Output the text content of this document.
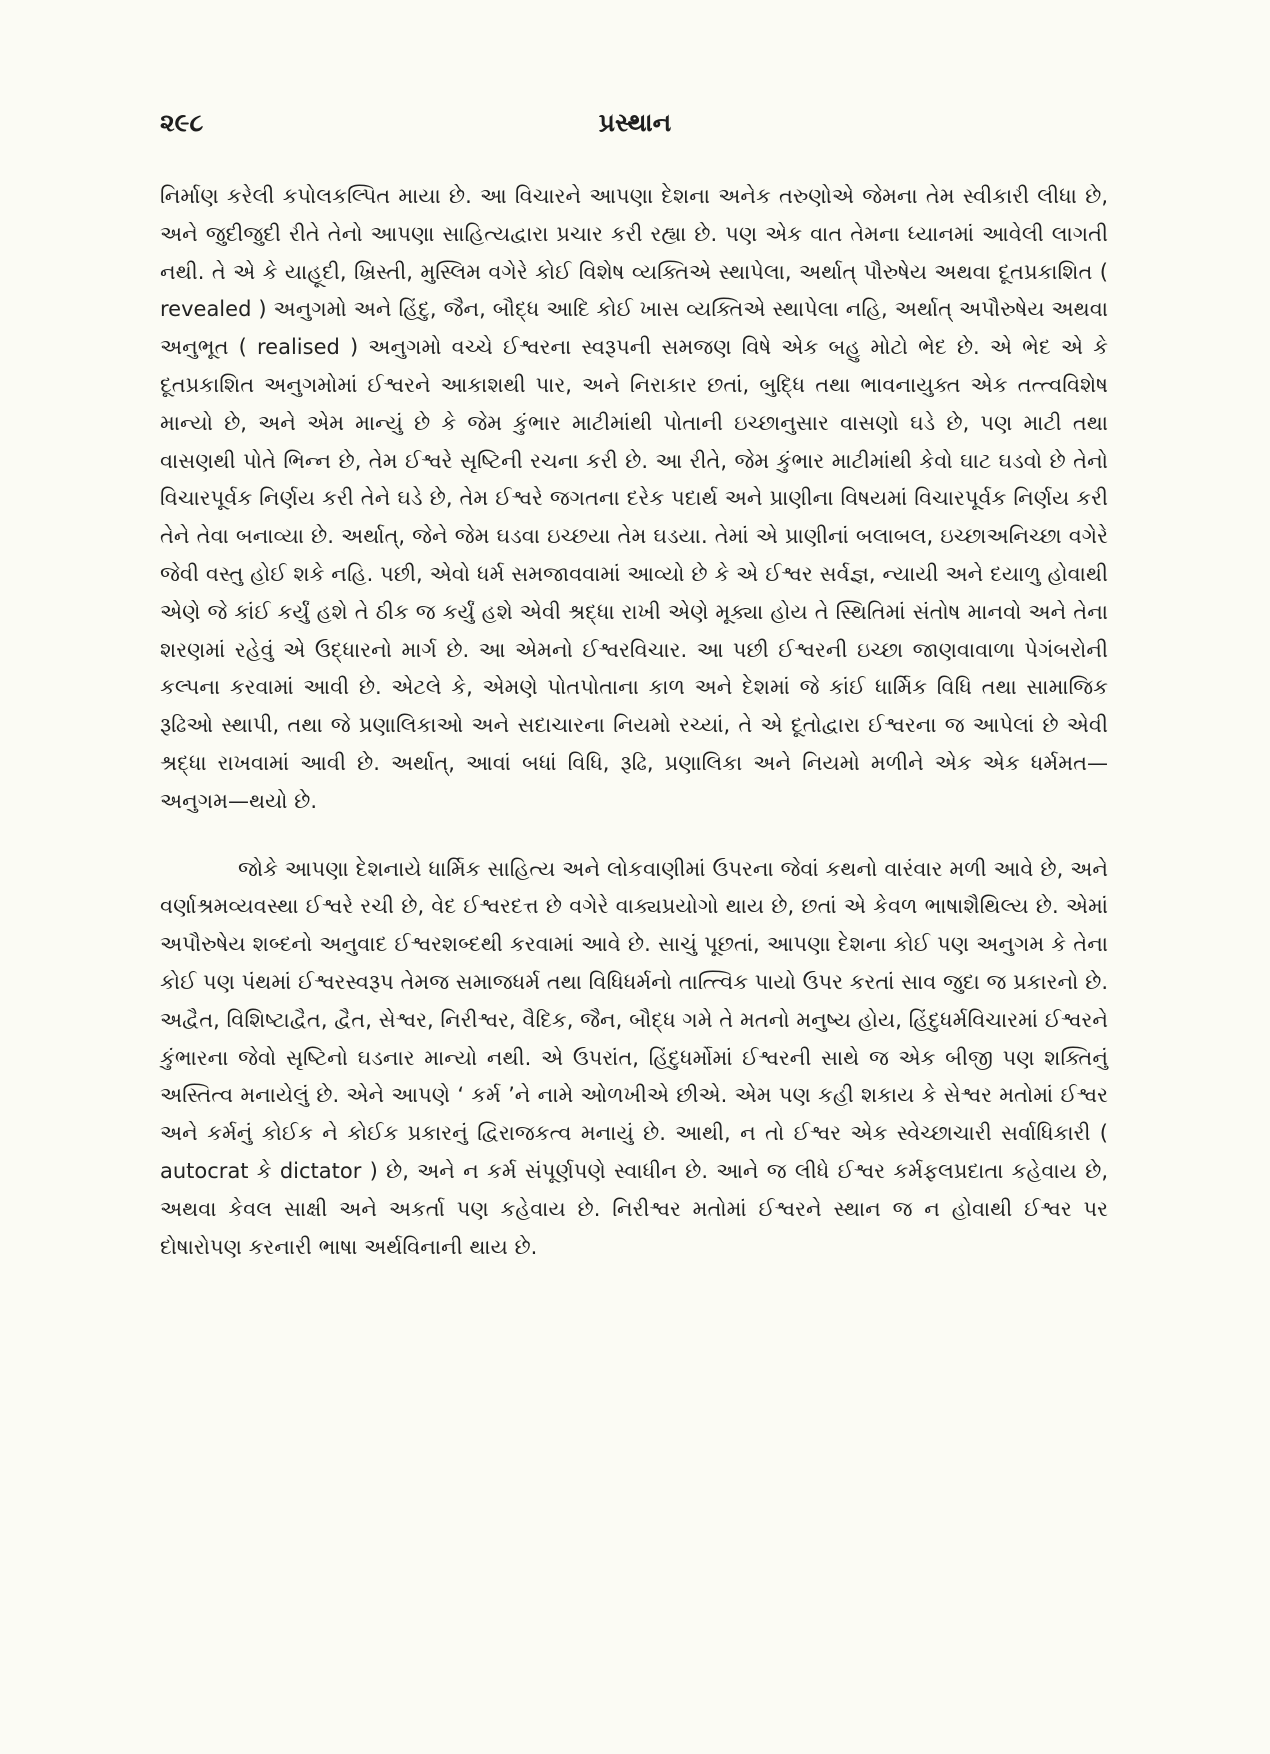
૨૯૮	પ્રસ્થાન

નિર્માણ કરેલી કપોલકલ્પિત માયા છે. આ વિચારને આપણા દેશના અનેક તરુણોએ જેમના તેમ સ્વીકારી લીધા છે, અને જુદીજુદી રીતે તેનો આપણા સાહિત્યદ્વારા પ્રચાર કરી રહ્યા છે. પણ એક વાત તેમના ધ્યાનમાં આવેલી લાગતી નથી. તે એ કે યાહૂદી, ખ્રિસ્તી, મુસ્લિમ વગેરે કોઈ વિશેષ વ્યક્તિએ સ્થાપેલા, અર્થાત્ પૌરુષેય અથવા દૂતપ્રકાશિત ( revealed ) અનુગમો અને હિંદુ, જૈન, બૌદ્ધ આદિ કોઈ ખાસ વ્યક્તિએ સ્થાપેલા નહિ, અર્થાત્ અપૌરુષેય અથવા અનુભૂત ( realised ) અનુગમો વચ્ચે ઈશ્વરના સ્વરૂપની સમજણ વિષે એક બહુ મોટો ભેદ છે. એ ભેદ એ કે દૂતપ્રકાશિત અનુગમોમાં ઈશ્વરને આકાશથી પાર, અને નિરાકાર છતાં, બુદ્ધિ તથા ભાવનાયુક્ત એક તત્ત્વવિશેષ માન્યો છે, અને એમ માન્યું છે કે જેમ કુંભાર માટીમાંથી પોતાની ઇચ્છાનુસાર વાસણો ઘડે છે, પણ માટી તથા વાસણથી પોતે ભિન્ન છે, તેમ ઈશ્વરે સૃષ્ટિની રચના કરી છે. આ રીતે, જેમ કુંભાર માટીમાંથી કેવો ઘાટ ઘડવો છે તેનો વિચારપૂર્વક નિર્ણય કરી તેને ઘડે છે, તેમ ઈશ્વરે જગતના દરેક પદાર્થ અને પ્રાણીના વિષયમાં વિચારપૂર્વક નિર્ણય કરી તેને તેવા બનાવ્યા છે. અર્થાત્, જેને જેમ ઘડવા ઇચ્છયા તેમ ઘડયા. તેમાં એ પ્રાણીનાં બલાબલ, ઇચ્છાઅનિચ્છા વગેરે જેવી વસ્તુ હોઈ શકે નહિ. પછી, એવો ધર્મ સમજાવવામાં આવ્યો છે કે એ ઈશ્વર સર્વજ્ઞ, ન્યાયી અને દયાળુ હોવાથી એણે જે કાંઈ કર્યું હશે તે ઠીક જ કર્યું હશે એવી શ્રદ્ધા રાખી એણે મૂક્યા હોય તે સ્થિતિમાં સંતોષ માનવો અને તેના શરણમાં રહેવું એ ઉદ્ધારનો માર્ગ છે. આ એમનો ઈશ્વરવિચાર. આ પછી ઈશ્વરની ઇચ્છા જાણવાવાળા પેગંબરોની કલ્પના કરવામાં આવી છે. એટલે કે, એમણે પોતપોતાના કાળ અને દેશમાં જે કાંઈ ધાર્મિક વિધિ તથા સામાજિક રૂઢિઓ સ્થાપી, તથા જે પ્રણાલિકાઓ અને સદાચારના નિયમો રચ્યાં, તે એ દૂતોદ્વારા ઈશ્વરના જ આપેલાં છે એવી શ્રદ્ધા રાખવામાં આવી છે. અર્થાત્, આવાં બધાં વિધિ, રૂઢિ, પ્રણાલિકા અને નિયમો મળીને એક એક ધર્મમત—અનુગમ—થયો છે.

જોકે આપણા દેશનાયે ધાર્મિક સાહિત્ય અને લોકવાણીમાં ઉપરના જેવાં કથનો વારંવાર મળી આવે છે, અને વર્ણાશ્રમવ્યવસ્થા ઈશ્વરે રચી છે, વેદ ઈશ્વરદત્ત છે વગેરે વાક્યપ્રયોગો થાય છે, છતાં એ કેવળ ભાષાશૈથિલ્ય છે. એમાં અપૌરુષેય શબ્દનો અનુવાદ ઈશ્વરશબ્દથી કરવામાં આવે છે. સાચું પૂછતાં, આપણા દેશના કોઈ પણ અનુગમ કે તેના કોઈ પણ પંથમાં ઈશ્વરસ્વરૂપ તેમજ સમાજધર્મ તથા વિધિધર્મનો તાત્ત્વિક પાયો ઉપર કરતાં સાવ જુદા જ પ્રકારનો છે. અદ્વૈત, વિશિષ્ટાદ્વૈત, દ્વૈત, સેશ્વર, નિરીશ્વર, વૈદિક, જૈન, બૌદ્ધ ગમે તે મતનો મનુષ્ય હોય, હિંદુધર્મવિચારમાં ઈશ્વરને કુંભારના જેવો સૃષ્ટિનો ઘડનાર માન્યો નથી. એ ઉપરાંત, હિંદુધર્મોમાં ઈશ્વરની સાથે જ એક બીજી પણ શક્તિનું અસ્તિત્વ મનાયેલું છે. એને આપણે ‘ કર્મ ’ને નામે ઓળખીએ છીએ. એમ પણ કહી શકાય કે સેશ્વર મતોમાં ઈશ્વર અને કર્મનું કોઈક ને કોઈક પ્રકારનું દ્વિરાજકત્વ મનાયું છે. આથી, ન તો ઈશ્વર એક સ્વેચ્છાચારી સર્વાધિકારી ( autocrat કે dictator ) છે, અને ન કર્મ સંપૂર્ણપણે સ્વાધીન છે. આને જ લીધે ઈશ્વર કર્મફલપ્રદાતા કહેવાય છે, અથવા કેવલ સાક્ષી અને અકર્તા પણ કહેવાય છે. નિરીશ્વર મતોમાં ઈશ્વરને સ્થાન જ ન હોવાથી ઈશ્વર પર દોષારોપણ કરનારી ભાષા અર્થવિનાની થાય છે.
